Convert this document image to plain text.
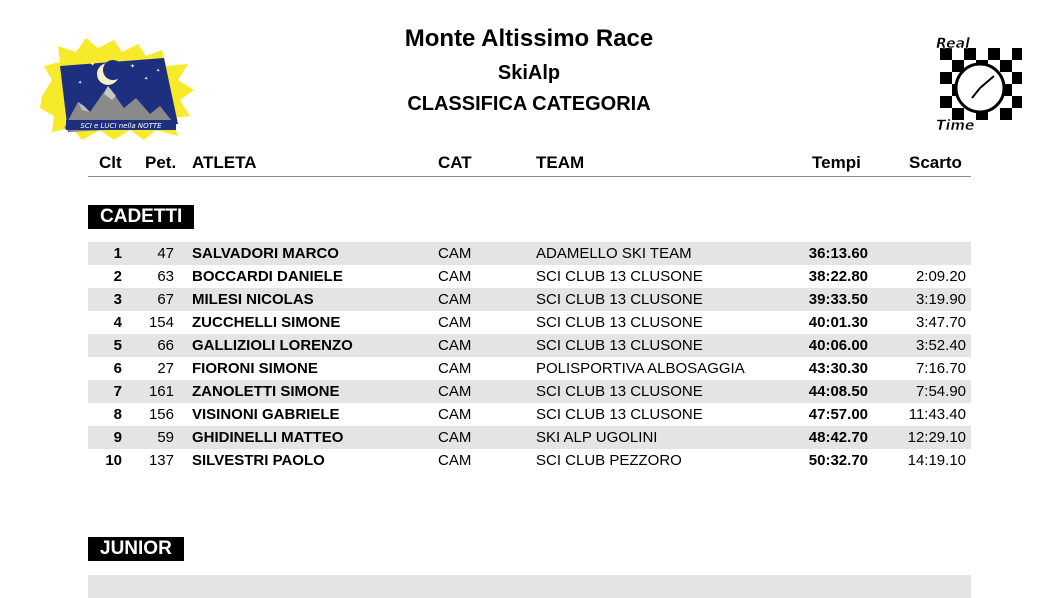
Monte Altissimo Race
SkiAlp
CLASSIFICA CATEGORIA
✦	✦
✦
✦
✦
SCI e LUCI nella NOTTE
Real
Time
Clt Pet. ATLETA	CAT	TEAM	Tempi	Scarto
CADETTI
1	47 SALVADORI MARCO	CAM	ADAMELLO SKI TEAM	36:13.60
2	63 BOCCARDI DANIELE	CAM	SCI CLUB 13 CLUSONE	38:22.80	2:09.20
3	67 MILESI NICOLAS	CAM	SCI CLUB 13 CLUSONE	39:33.50	3:19.90
4	154 ZUCCHELLI SIMONE	CAM	SCI CLUB 13 CLUSONE	40:01.30	3:47.70
5	66 GALLIZIOLI LORENZO	CAM	SCI CLUB 13 CLUSONE	40:06.00	3:52.40
6	27 FIORONI SIMONE	CAM	POLISPORTIVA ALBOSAGGIA	43:30.30	7:16.70
7	161 ZANOLETTI SIMONE	CAM	SCI CLUB 13 CLUSONE	44:08.50	7:54.90
8	156 VISINONI GABRIELE	CAM	SCI CLUB 13 CLUSONE	47:57.00	11:43.40
9	59 GHIDINELLI MATTEO	CAM	SKI ALP UGOLINI	48:42.70	12:29.10
10	137 SILVESTRI PAOLO	CAM	SCI CLUB PEZZORO	50:32.70	14:19.10
JUNIOR
